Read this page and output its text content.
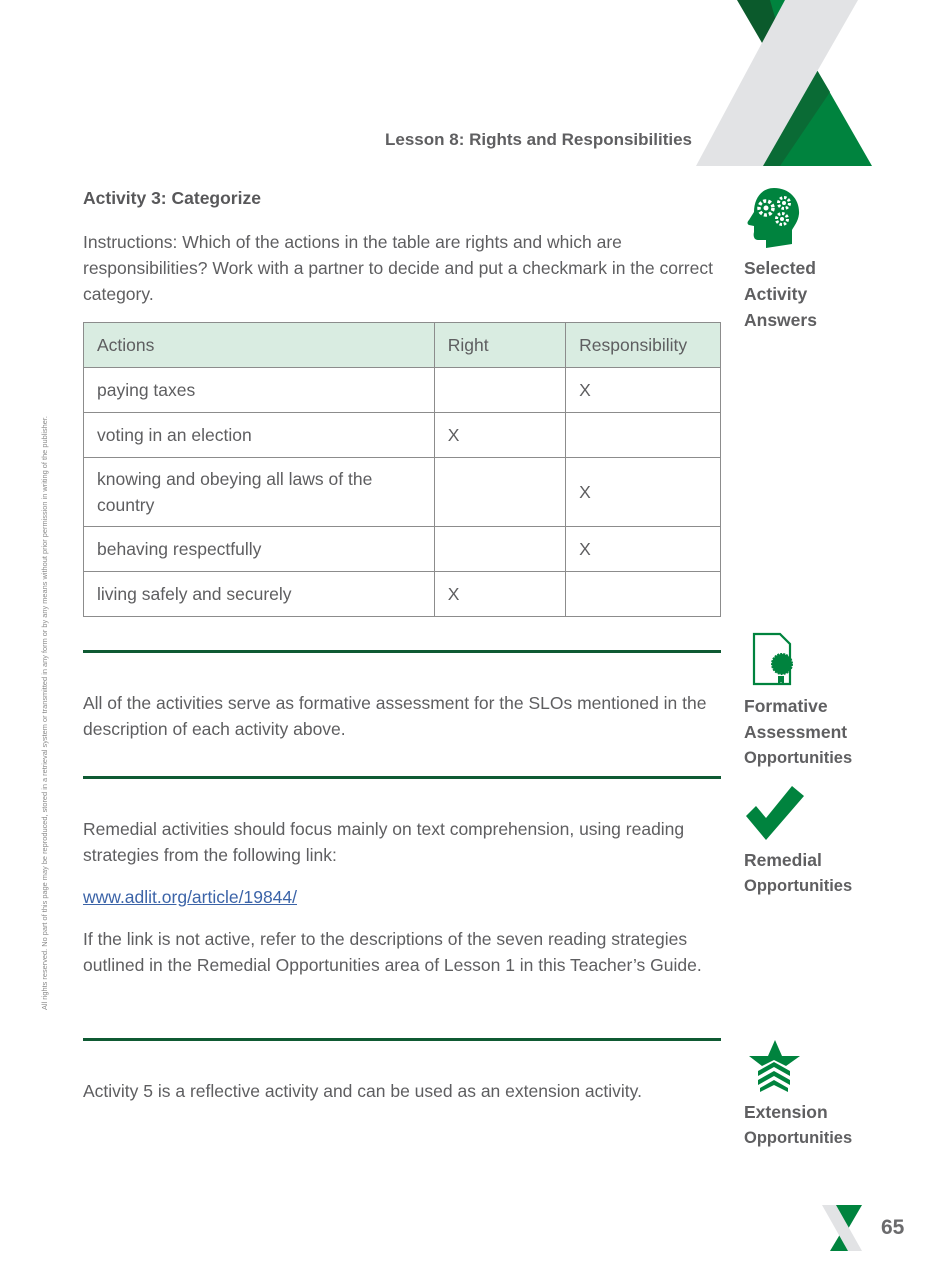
Lesson 8: Rights and Responsibilities
All rights reserved. No part of this page may be reproduced, stored in a retrieval system or transmitted in any form or by any means without prior permission in writing of the publisher.
Activity 3: Categorize

Instructions: Which of the actions in the table are rights and which are responsibilities? Work with a partner to decide and put a checkmark in the correct category.

Actions	Right	Responsibility
paying taxes		X
voting in an election	X	
knowing and obeying all laws of the country		X
behaving respectfully		X
living safely and securely	X	

All of the activities serve as formative assessment for the SLOs mentioned in the description of each activity above.

Remedial activities should focus mainly on text comprehension, using reading strategies from the following link:

www.adlit.org/article/19844/

If the link is not active, refer to the descriptions of the seven reading strategies outlined in the Remedial Opportunities area of Lesson 1 in this Teacher’s Guide.

Activity 5 is a reflective activity and can be used as an extension activity.

Selected
Activity
Answers
Formative
Assessment
Opportunities
Remedial
Opportunities
Extension
Opportunities
65
